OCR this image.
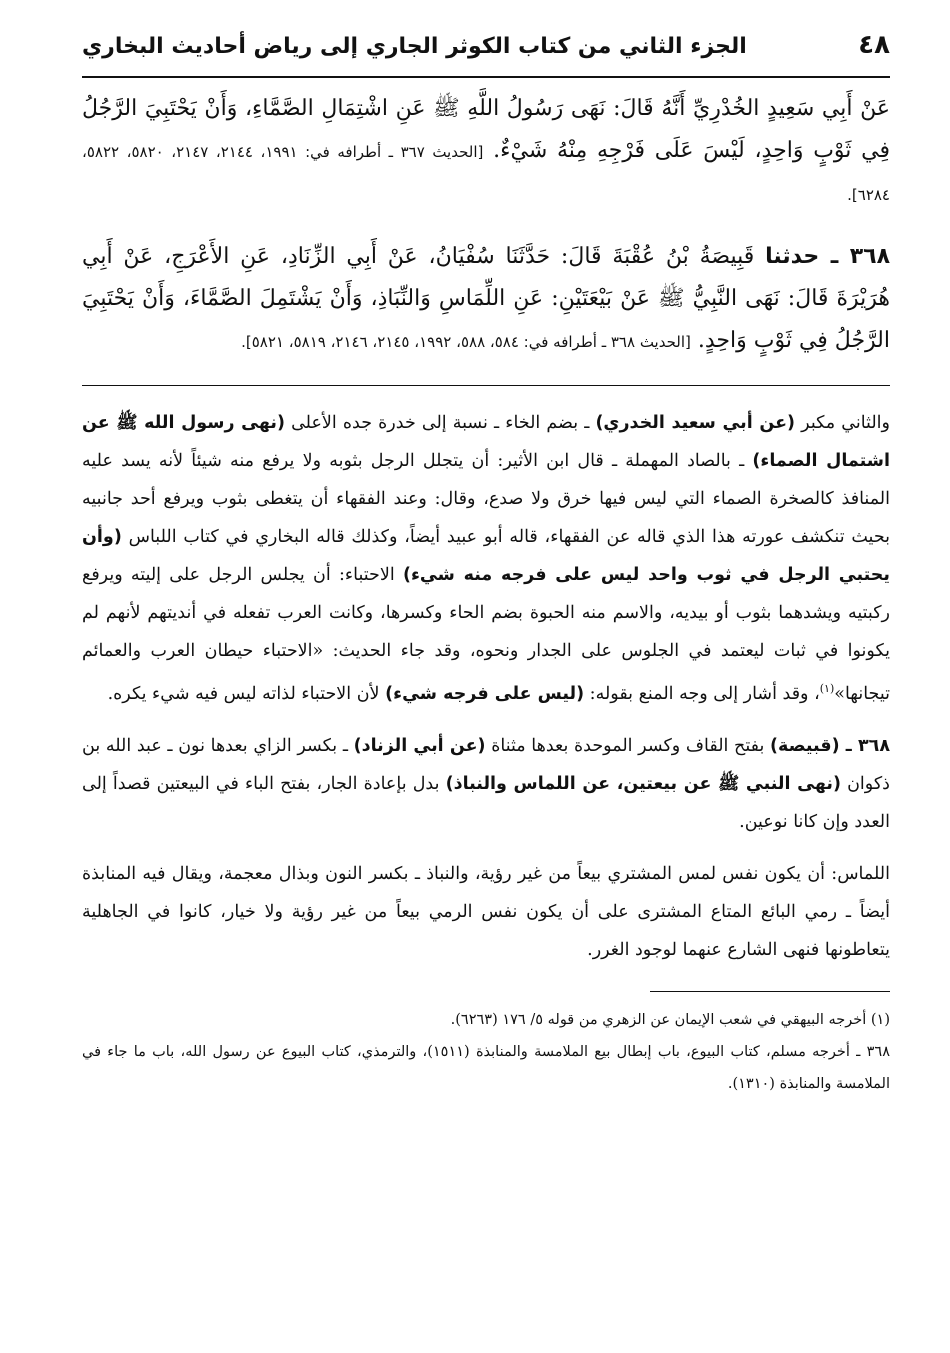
٤٨
الجزء الثاني من كتاب الكوثر الجاري إلى رياض أحاديث البخاري
عَنْ أَبِي سَعِيدٍ الخُدْرِيِّ أَنَّهُ قَالَ: نَهَى رَسُولُ اللَّهِ ﷺ عَنِ اشْتِمَالِ الصَّمَّاءِ، وَأَنْ يَحْتَبِيَ الرَّجُلُ فِي ثَوْبٍ وَاحِدٍ، لَيْسَ عَلَى فَرْجِهِ مِنْهُ شَيْءٌ. [الحديث ٣٦٧ ـ أطرافه في: ١٩٩١، ٢١٤٤، ٢١٤٧، ٥٨٢٠، ٥٨٢٢، ٦٢٨٤].
٣٦٨ ـ حدثنا قَبِيصَةُ بْنُ عُقْبَةَ قَالَ: حَدَّثَنَا سُفْيَانُ، عَنْ أَبِي الزِّنَادِ، عَنِ الأَعْرَجِ، عَنْ أَبِي هُرَيْرَةَ قَالَ: نَهَى النَّبِيُّ ﷺ عَنْ بَيْعَتَيْنِ: عَنِ اللِّمَاسِ وَالنِّبَاذِ، وَأَنْ يَشْتَمِلَ الصَّمَّاءَ، وَأَنْ يَحْتَبِيَ الرَّجُلُ فِي ثَوْبٍ وَاحِدٍ. [الحديث ٣٦٨ ـ أطرافه في: ٥٨٤، ٥٨٨، ١٩٩٢، ٢١٤٥، ٢١٤٦، ٥٨١٩، ٥٨٢١].

والثاني مكبر (عن أبي سعيد الخدري) ـ بضم الخاء ـ نسبة إلى خدرة جده الأعلى (نهى رسول الله ﷺ عن اشتمال الصماء) ـ بالصاد المهملة ـ قال ابن الأثير: أن يتجلل الرجل بثوبه ولا يرفع منه شيئاً لأنه يسد عليه المنافذ كالصخرة الصماء التي ليس فيها خرق ولا صدع، وقال: وعند الفقهاء أن يتغطى بثوب ويرفع أحد جانبيه بحيث تنكشف عورته هذا الذي قاله عن الفقهاء، قاله أبو عبيد أيضاً، وكذلك قاله البخاري في كتاب اللباس (وأن يحتبي الرجل في ثوب واحد ليس على فرجه منه شيء) الاحتباء: أن يجلس الرجل على إليته ويرفع ركبتيه ويشدهما بثوب أو بيديه، والاسم منه الحبوة بضم الحاء وكسرها، وكانت العرب تفعله في أنديتهم لأنهم لم يكونوا في ثبات ليعتمد في الجلوس على الجدار ونحوه، وقد جاء الحديث: «الاحتباء حيطان العرب والعمائم تيجانها»$^{(١)}$، وقد أشار إلى وجه المنع بقوله: (ليس على فرجه شيء) لأن الاحتباء لذاته ليس فيه شيء يكره.

٣٦٨ ـ (قبيصة) بفتح القاف وكسر الموحدة بعدها مثناة (عن أبي الزناد) ـ بكسر الزاي بعدها نون ـ عبد الله بن ذكوان (نهى النبي ﷺ عن بيعتين، عن اللماس والنباذ) بدل بإعادة الجار، بفتح الباء في البيعتين قصداً إلى العدد وإن كانا نوعين.

اللماس: أن يكون نفس لمس المشتري بيعاً من غير رؤية، والنباذ ـ بكسر النون وبذال معجمة، ويقال فيه المنابذة أيضاً ـ رمي البائع المتاع المشترى على أن يكون نفس الرمي بيعاً من غير رؤية ولا خيار، كانوا في الجاهلية يتعاطونها فنهى الشارع عنهما لوجود الغرر.

(١) أخرجه البيهقي في شعب الإيمان عن الزهري من قوله ٥/ ١٧٦ (٦٢٦٣).
٣٦٨ ـ أخرجه مسلم، كتاب البيوع، باب إبطال بيع الملامسة والمنابذة (١٥١١)، والترمذي، كتاب البيوع عن رسول الله، باب ما جاء في الملامسة والمنابذة (١٣١٠).
